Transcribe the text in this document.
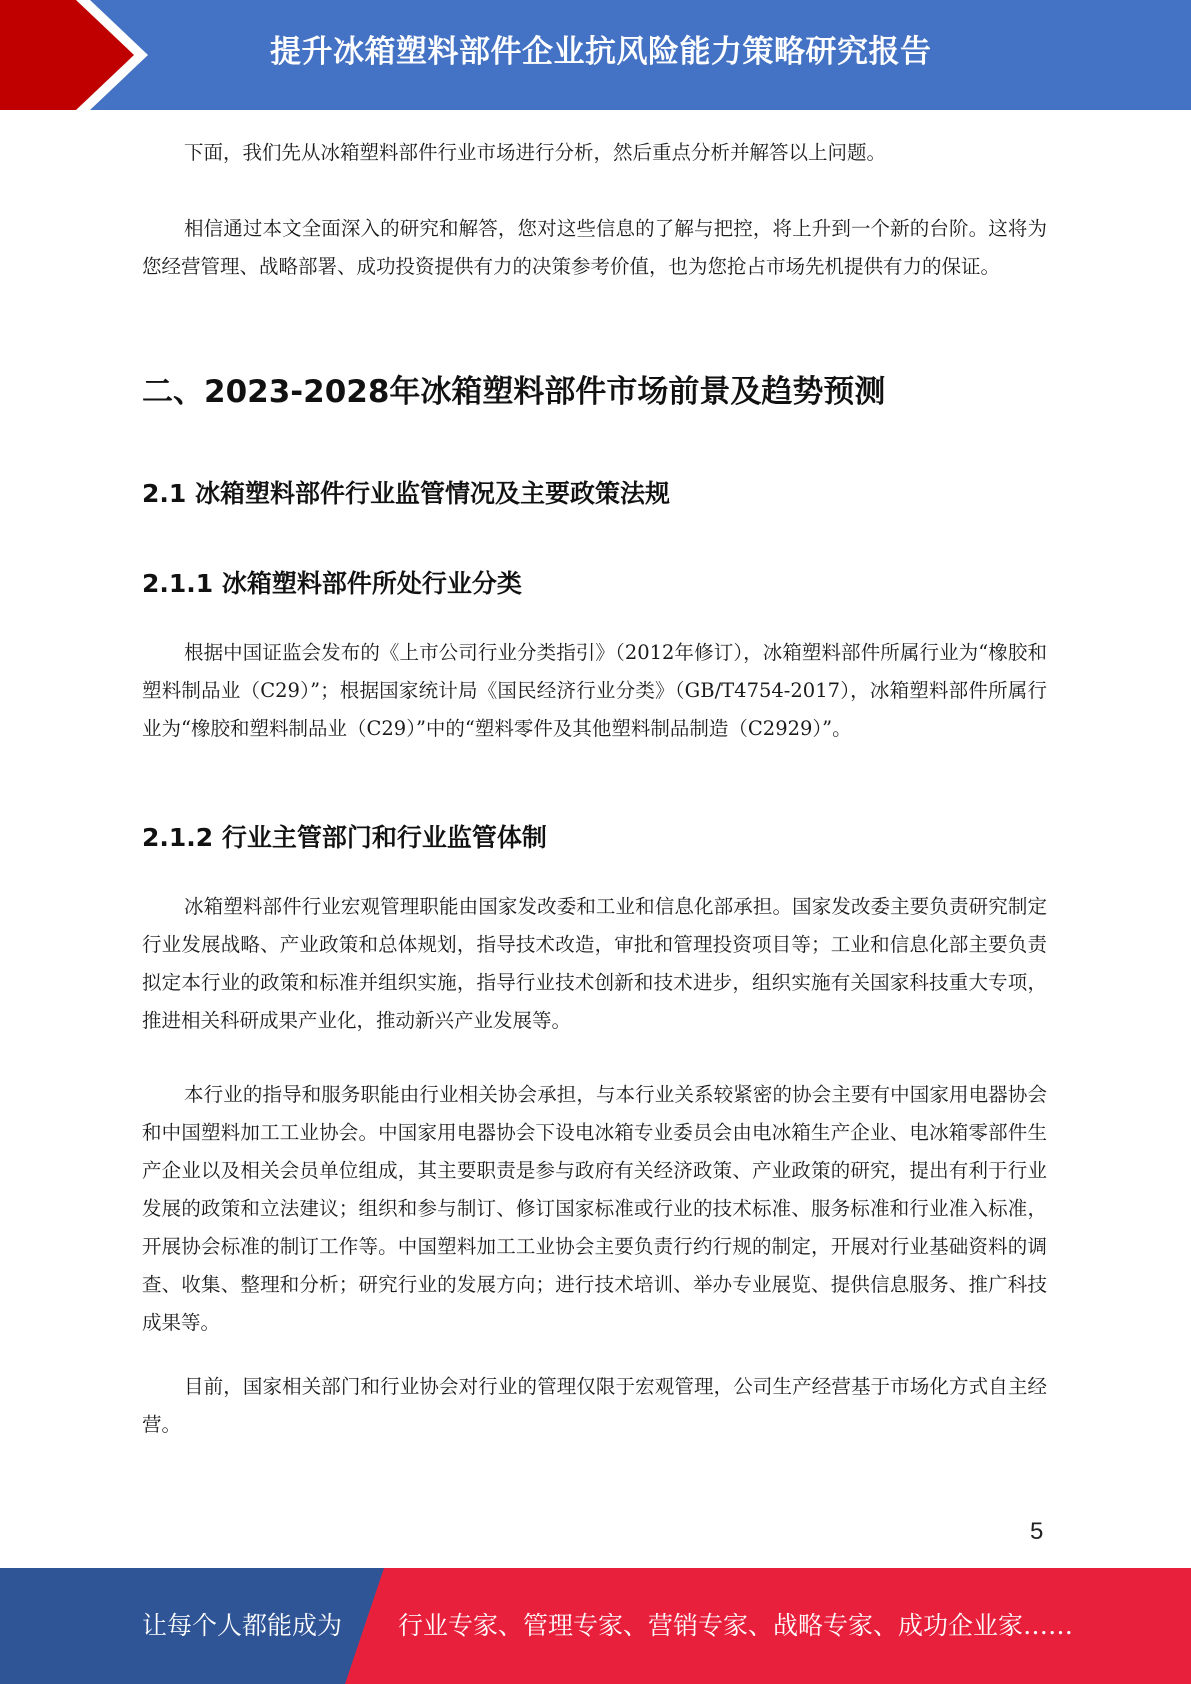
提升冰箱塑料部件企业抗风险能力策略研究报告

下面，我们先从冰箱塑料部件行业市场进行分析，然后重点分析并解答以上问题。

相信通过本文全面深入的研究和解答，您对这些信息的了解与把控，将上升到一个新的台阶。这将为您经营管理、战略部署、成功投资提供有力的决策参考价值，也为您抢占市场先机提供有力的保证。

二、2023-2028年冰箱塑料部件市场前景及趋势预测
2.1 冰箱塑料部件行业监管情况及主要政策法规
2.1.1 冰箱塑料部件所处行业分类

根据中国证监会发布的《上市公司行业分类指引》（2012年修订），冰箱塑料部件所属行业为“橡胶和塑料制品业（C29）”；根据国家统计局《国民经济行业分类》（GB/T4754-2017），冰箱塑料部件所属行业为“橡胶和塑料制品业（C29）”中的“塑料零件及其他塑料制品制造（C2929）”。

2.1.2 行业主管部门和行业监管体制

冰箱塑料部件行业宏观管理职能由国家发改委和工业和信息化部承担。国家发改委主要负责研究制定行业发展战略、产业政策和总体规划，指导技术改造，审批和管理投资项目等；工业和信息化部主要负责拟定本行业的政策和标准并组织实施，指导行业技术创新和技术进步，组织实施有关国家科技重大专项，推进相关科研成果产业化，推动新兴产业发展等。

本行业的指导和服务职能由行业相关协会承担，与本行业关系较紧密的协会主要有中国家用电器协会和中国塑料加工工业协会。中国家用电器协会下设电冰箱专业委员会由电冰箱生产企业、电冰箱零部件生产企业以及相关会员单位组成，其主要职责是参与政府有关经济政策、产业政策的研究，提出有利于行业发展的政策和立法建议；组织和参与制订、修订国家标准或行业的技术标准、服务标准和行业准入标准，开展协会标准的制订工作等。中国塑料加工工业协会主要负责行约行规的制定，开展对行业基础资料的调查、收集、整理和分析；研究行业的发展方向；进行技术培训、举办专业展览、提供信息服务、推广科技成果等。

目前，国家相关部门和行业协会对行业的管理仅限于宏观管理，公司生产经营基于市场化方式自主经营。

5
让每个人都能成为 行业专家、管理专家、营销专家、战略专家、成功企业家……
